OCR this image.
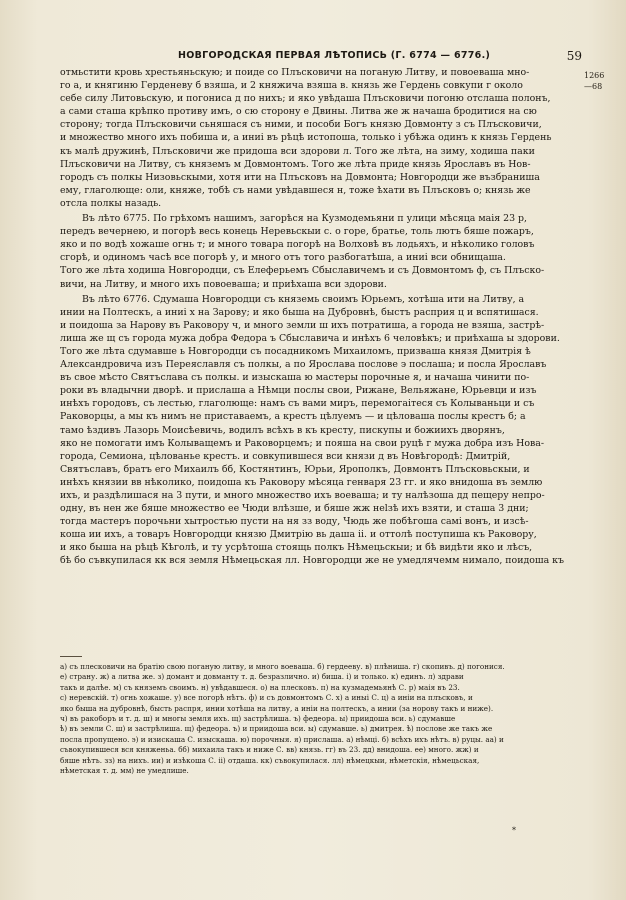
НОВГОРОДСКАЯ ПЕРВАЯ ЛѢТОПИСЬ (Г. 6774 — 6776.)	59
1266
—68

отмьстити кровь хрестьяньскую; и поиде со Плъсковичи на поганую Литву, и повоеваша мно-

го а, и княгиню Герденеву б взяша, и 2 княжича взяша в. князь же Гердень совкупи г около

себе силу Литовьскую, и погониса д по нихъ; и яко увѣдаша Плъсковичи погоню отслаша полонъ,

а сами сташа крѣпко противу имъ, о сю сторону е Двины. Литва же ж начаша бродитися на сю

сторону; тогда Плъсковичи сьняшася съ ними, и пособи Богъ князю Довмонту з съ Плъсковичи,

и множество много ихъ побиша и, а иниі въ рѣцѣ истопоша, только і убѣжа одинъ к князь Гердень

къ малѣ дружинѣ, Плъсковичи же придоша вси здорови л. Того же лѣта, на зиму, ходиша паки

Плъсковичи на Литву, съ княземъ м Довмонтомъ. Того же лѣта приде князь Ярославъ въ Нов-

городъ съ полкы Низовьскыми, хотя ити на Плъсковъ на Довмонта; Новгородци же възбраниша

ему, глаголюще: оли, княже, тобѣ съ нами увѣдавшеся н, тоже ѣхати въ Плъсковъ о; князь же

отсла полкы назадь.

Въ лѣто 6775. По грѣхомъ нашимъ, загорѣся на Кузмодемьяни п улици мѣсяца маія 23 р,

передъ вечернею, и погорѣ весь конець Неревьскыи с. о горе, братье, толь лютъ бяше пожаръ,

яко и по водѣ хожаше огнь т; и много товара погорѣ на Волховѣ въ лодьяхъ, и нѣколико головъ

сгорѣ, и одиномъ часѣ все погорѣ у, и много отъ того разбогатѣша, а иниі вси обнищаша.

Того же лѣта ходиша Новгородци, съ Елеферьемъ Сбыславичемъ и съ Довмонтомъ ф, съ Плъско-

вичи, на Литву, и много ихъ повоеваша; и приѣхаша вси здорови.

Въ лѣто 6776. Сдумаша Новгородци съ княземь своимъ Юрьемъ, хотѣша ити на Литву, а

инии на Полтескъ, а иниі х на Зарову; и яко быша на Дубровнѣ, быстъ расприя ц и вспятишася.

и поидоша за Нарову въ Раковору ч, и много земли ш ихъ потратиша, а города не взяша, застрѣ-

лиша же щ съ города мужа добра Федора ъ Сбыславича и инѣхъ 6 человѣкъ; и приѣхаша ы здорови.

Того же лѣта сдумавше ь Новгородци съ посадникомъ Михаиломъ, призваша князя Дмитрія ѣ

Александровича изъ Переяславля съ полкы, а по Ярослава послове э послаша; и посла Ярославъ

въ свое мѣсто Святъслава съ полкы. и изыскаша ю мастеры порочные я, и начаша чинити по-

роки въ владычни дворѣ. и прислаша а Нѣмци послы свои, Рижане, Вельяжане, Юрьевци и изъ

инѣхъ городовъ, съ лестью, глаголюще: намъ съ вами миръ, перемогаітеся съ Колываньци и съ

Раковорцы, а мы къ нимъ не приставаемъ, а крестъ цѣлуемъ — и цѣловаша послы крестъ б; а

тамо ѣздивъ Лазорь Моисѣевичь, водилъ всѣхъ в къ кресту, пискупы и божиихъ дворянъ,

яко не помогати имъ Колыващемъ и Раковорцемъ; и пояша на свои руцѣ г мужа добра изъ Нова-

города, Семиона, цѣлованье крестъ. и совкупившеся вси князи д въ Новѣгородѣ: Дмитрій,

Святъславъ, братъ его Михаилъ бб, Костянтинъ, Юрьи, Ярополкъ, Довмонтъ Плъсковьскыи, и

инѣхъ князии вв нѣколико, поидоша къ Раковору мѣсяца генваря 23 гг. и яко внидоша въ землю

ихъ, и раздѣлишася на 3 пути, и много множество ихъ воеваша; и ту налѣзоша дд пещеру непро-

одну, въ нен же бяше множество ее Чюди влѣзше, и бяше жж неlзѣ ихъ взяти, и сташа 3 дни;

тогда мастеръ порочьни хытростью пусти на ня зз воду, Чюдь же побѣгоша самі вонъ, и изсѣ-

коша ии ихъ, а товаръ Новгородци князю Дмитрію вь даша ii. и оттолѣ поступиша къ Раковору,

и яко быша на рѣцѣ Кѣголѣ, и ту усрѣтоша стоящь полкъ Нѣмецьскыи; и бѣ видѣти яко и лѣсъ,

бѣ бо съвкупилася кк вся земля Нѣмецьская лл. Новгородци же не умедлячемм нимало, поидоша къ

а) съ плесковичи на братію свою поганую литву, и много воеваша. б) гердееву. в) плѣниша. г) скопивъ. д) погонися.

е) страну. ж) а литва же. з) домант и довманту т. д. безразлично. и) биша. і) и только. к) единъ. л) здрави

такъ и далѣе. м) съ княземъ своимъ. н) увѣдавшеся. о) на плесковъ. п) на кузмадемьянѣ С. р) маія въ 23.

с) неревскій. т) огнь хожаше. у) все погорѣ нѣтъ. ф) и съ довмонтомъ С. х) а иныі С. ц) а иніи на плъсковъ, и

яко быша на дубровнѣ, бысть распря, инии хотѣша на литву, а иніи на полтескъ, а инии (за норову такъ и ниже).

ч) въ ракоборъ и т. д. ш) и многы земля ихъ. щ) застрѣлиша. ъ) федеора. ы) приидоша вси. ь) сдумавше

ѣ) въ земли С. ш) и застрѣлиша. щ) федеора. ъ) и приидоша вси. ы) сдумавше. ь) дмитрея. ѣ) послове же такъ же

посла пропущено. э) и изискаша С. изыскаша. ю) порочныя. я) прислаша. а) нѣмці. б) всѣхъ ихъ нѣтъ. в) руцы. аа) и

съвокупившеся вся княженьа. бб) михаила такъ и ниже С. вв) князь. гг) въ 23. дд) внидоша. ее) много. жж) и

бяше нѣтъ. зз) на нихъ. ии) и изѣкоша С. ii) отдаша. кк) съвокупилася. лл) нѣмецкыи, нѣметскія, нѣмецьская,

нѣметская т. д. мм) не умедлише.

*
